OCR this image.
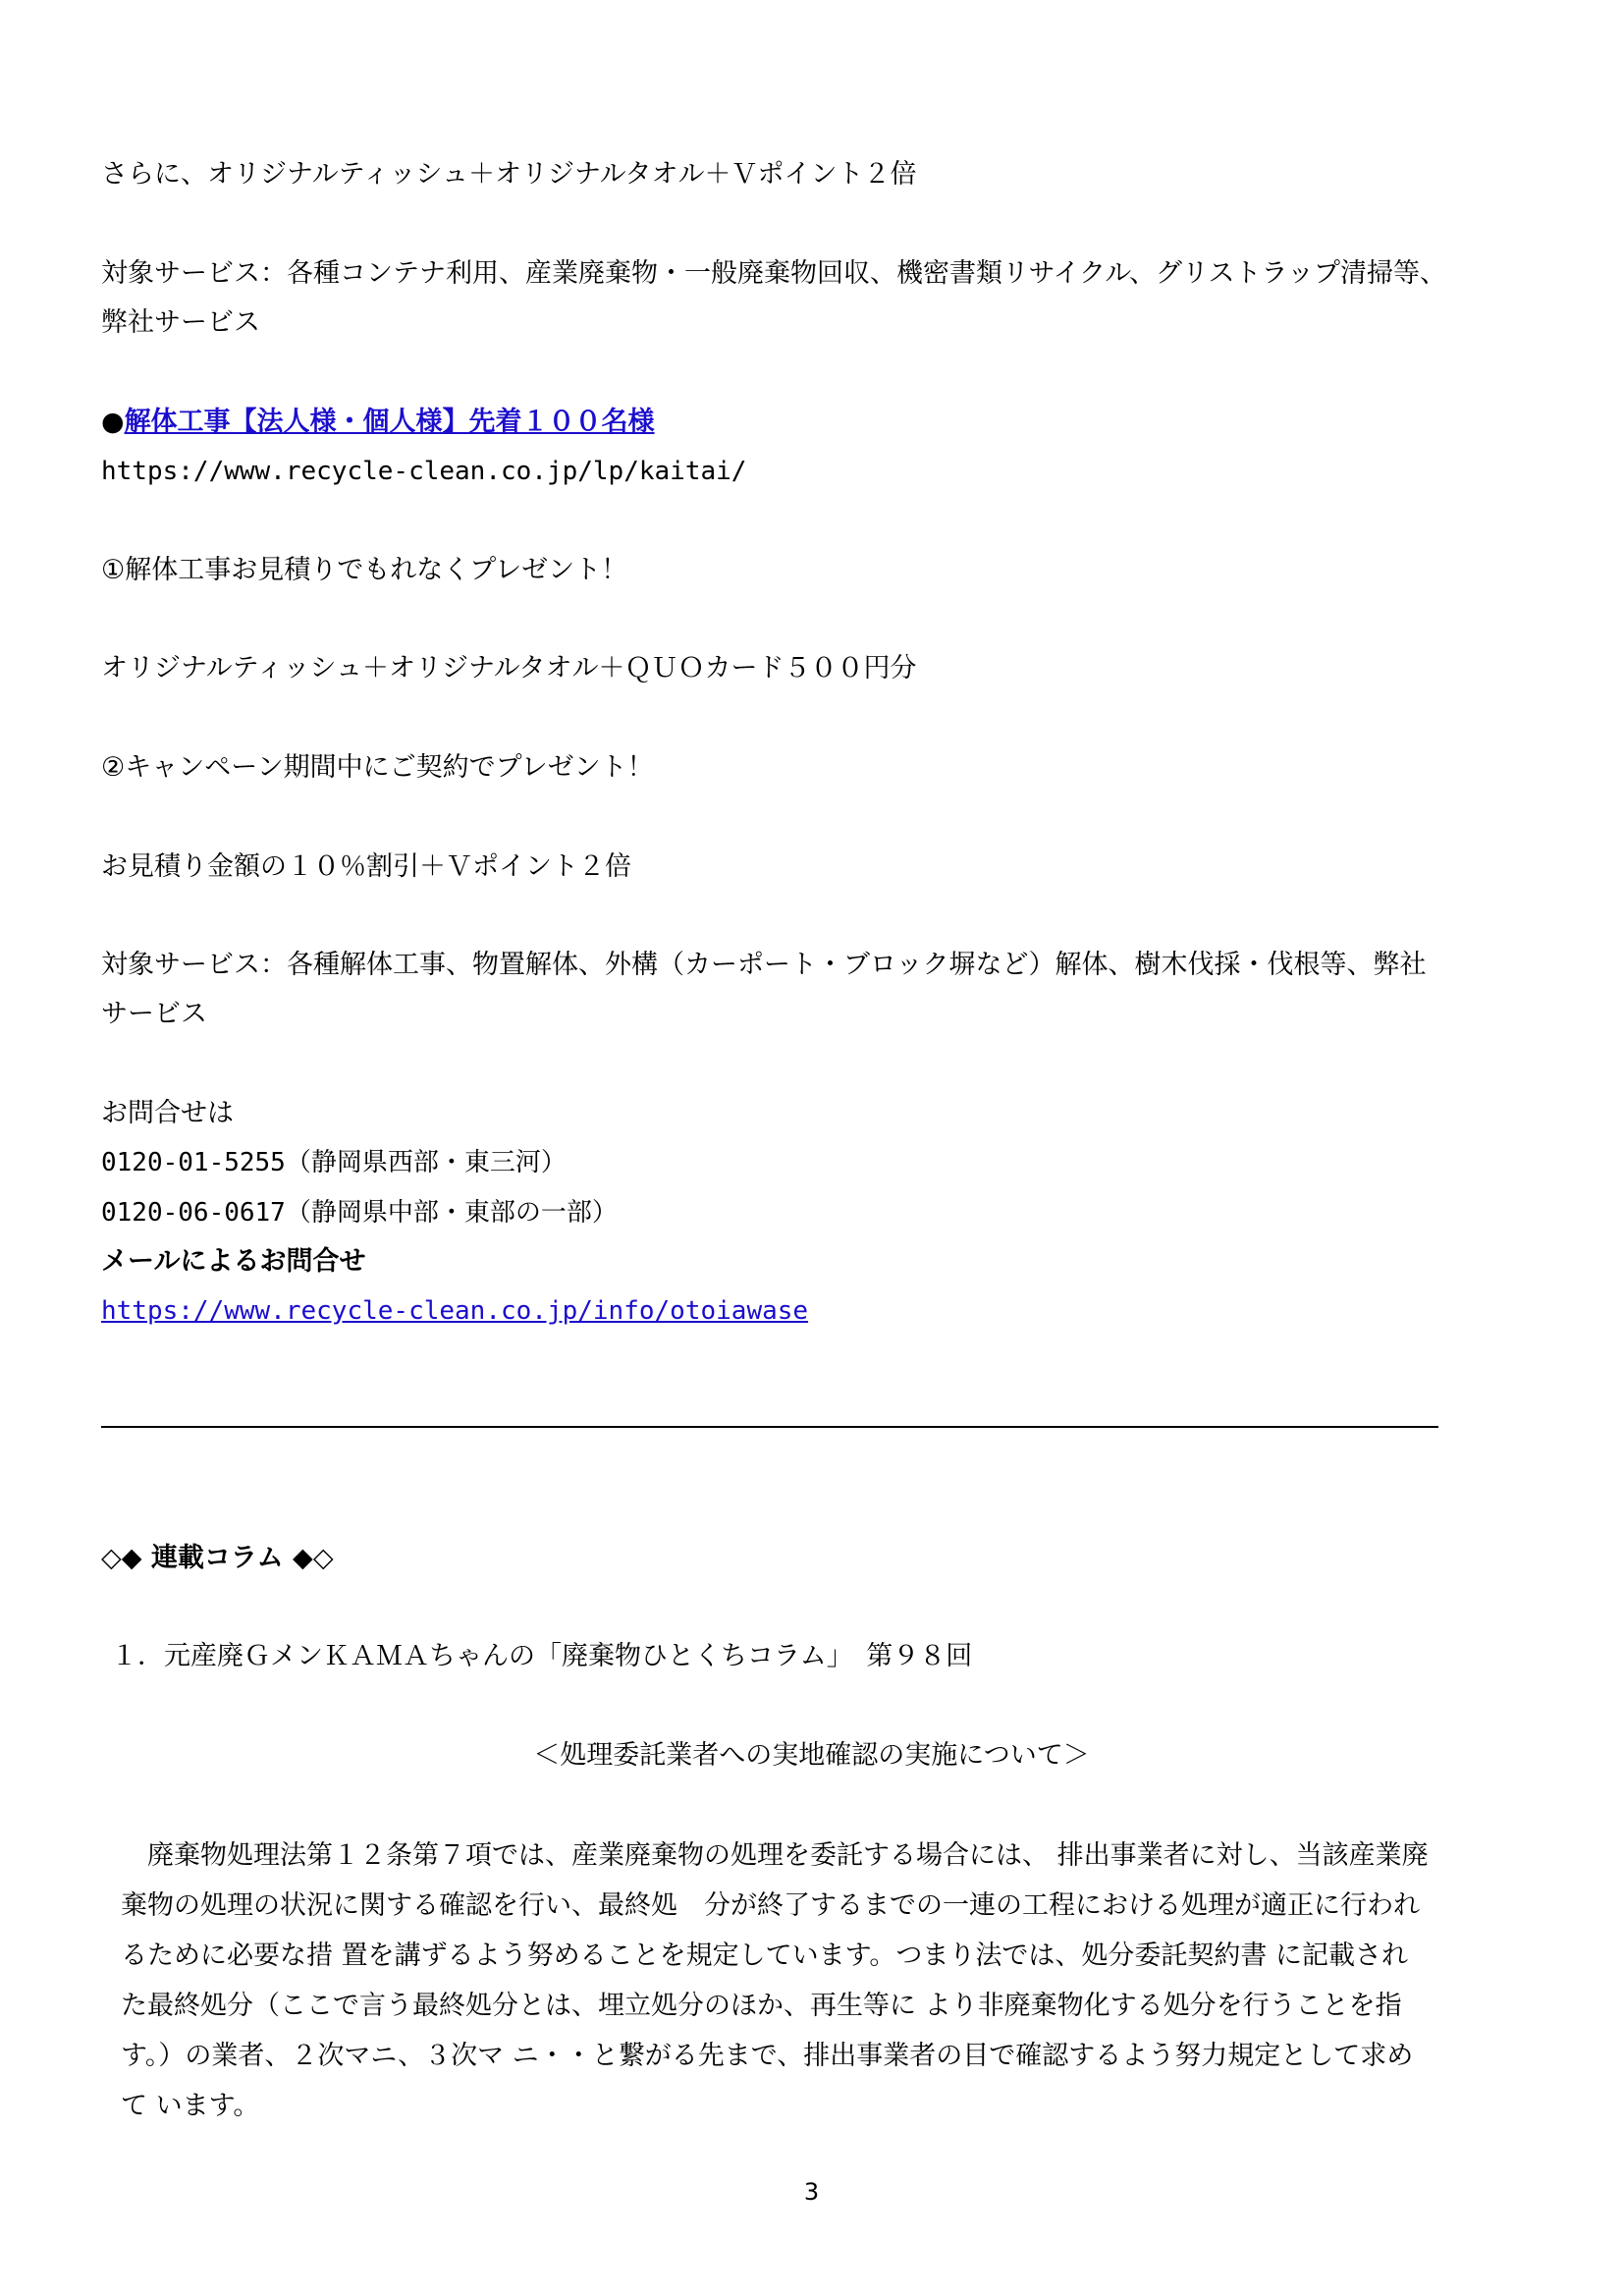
さらに、オリジナルティッシュ＋オリジナルタオル＋Ｖポイント２倍
対象サービス：各種コンテナ利用、産業廃棄物・一般廃棄物回収、機密書類リサイクル、グリストラップ清掃等、
弊社サービス
●解体工事【法人様・個人様】先着１００名様
https://www.recycle-clean.co.jp/lp/kaitai/
①解体工事お見積りでもれなくプレゼント！
オリジナルティッシュ＋オリジナルタオル＋ＱＵＯカード５００円分
②キャンペーン期間中にご契約でプレゼント！
お見積り金額の１０％割引＋Ｖポイント２倍
対象サービス：各種解体工事、物置解体、外構（カーポート・ブロック塀など）解体、樹木伐採・伐根等、弊社
サービス
お問合せは
0120-01-5255（静岡県西部・東三河）
0120-06-0617（静岡県中部・東部の一部）
メールによるお問合せ
https://www.recycle-clean.co.jp/info/otoiawase
◇◆ 連載コラム ◆◇
１．元産廃ＧメンＫＡＭＡちゃんの「廃棄物ひとくちコラム」　第９８回
＜処理委託業者への実地確認の実施について＞
　廃棄物処理法第１２条第７項では、産業廃棄物の処理を委託する場合には、 排出事業者に対し、当該産業廃
棄物の処理の状況に関する確認を行い、最終処　分が終了するまでの一連の工程における処理が適正に行われ
るために必要な措 置を講ずるよう努めることを規定しています。つまり法では、処分委託契約書 に記載され
た最終処分（ここで言う最終処分とは、埋立処分のほか、再生等に より非廃棄物化する処分を行うことを指
す。）の業者、２次マニ、３次マ ニ・・と繋がる先まで、排出事業者の目で確認するよう努力規定として求め
て います。
3
